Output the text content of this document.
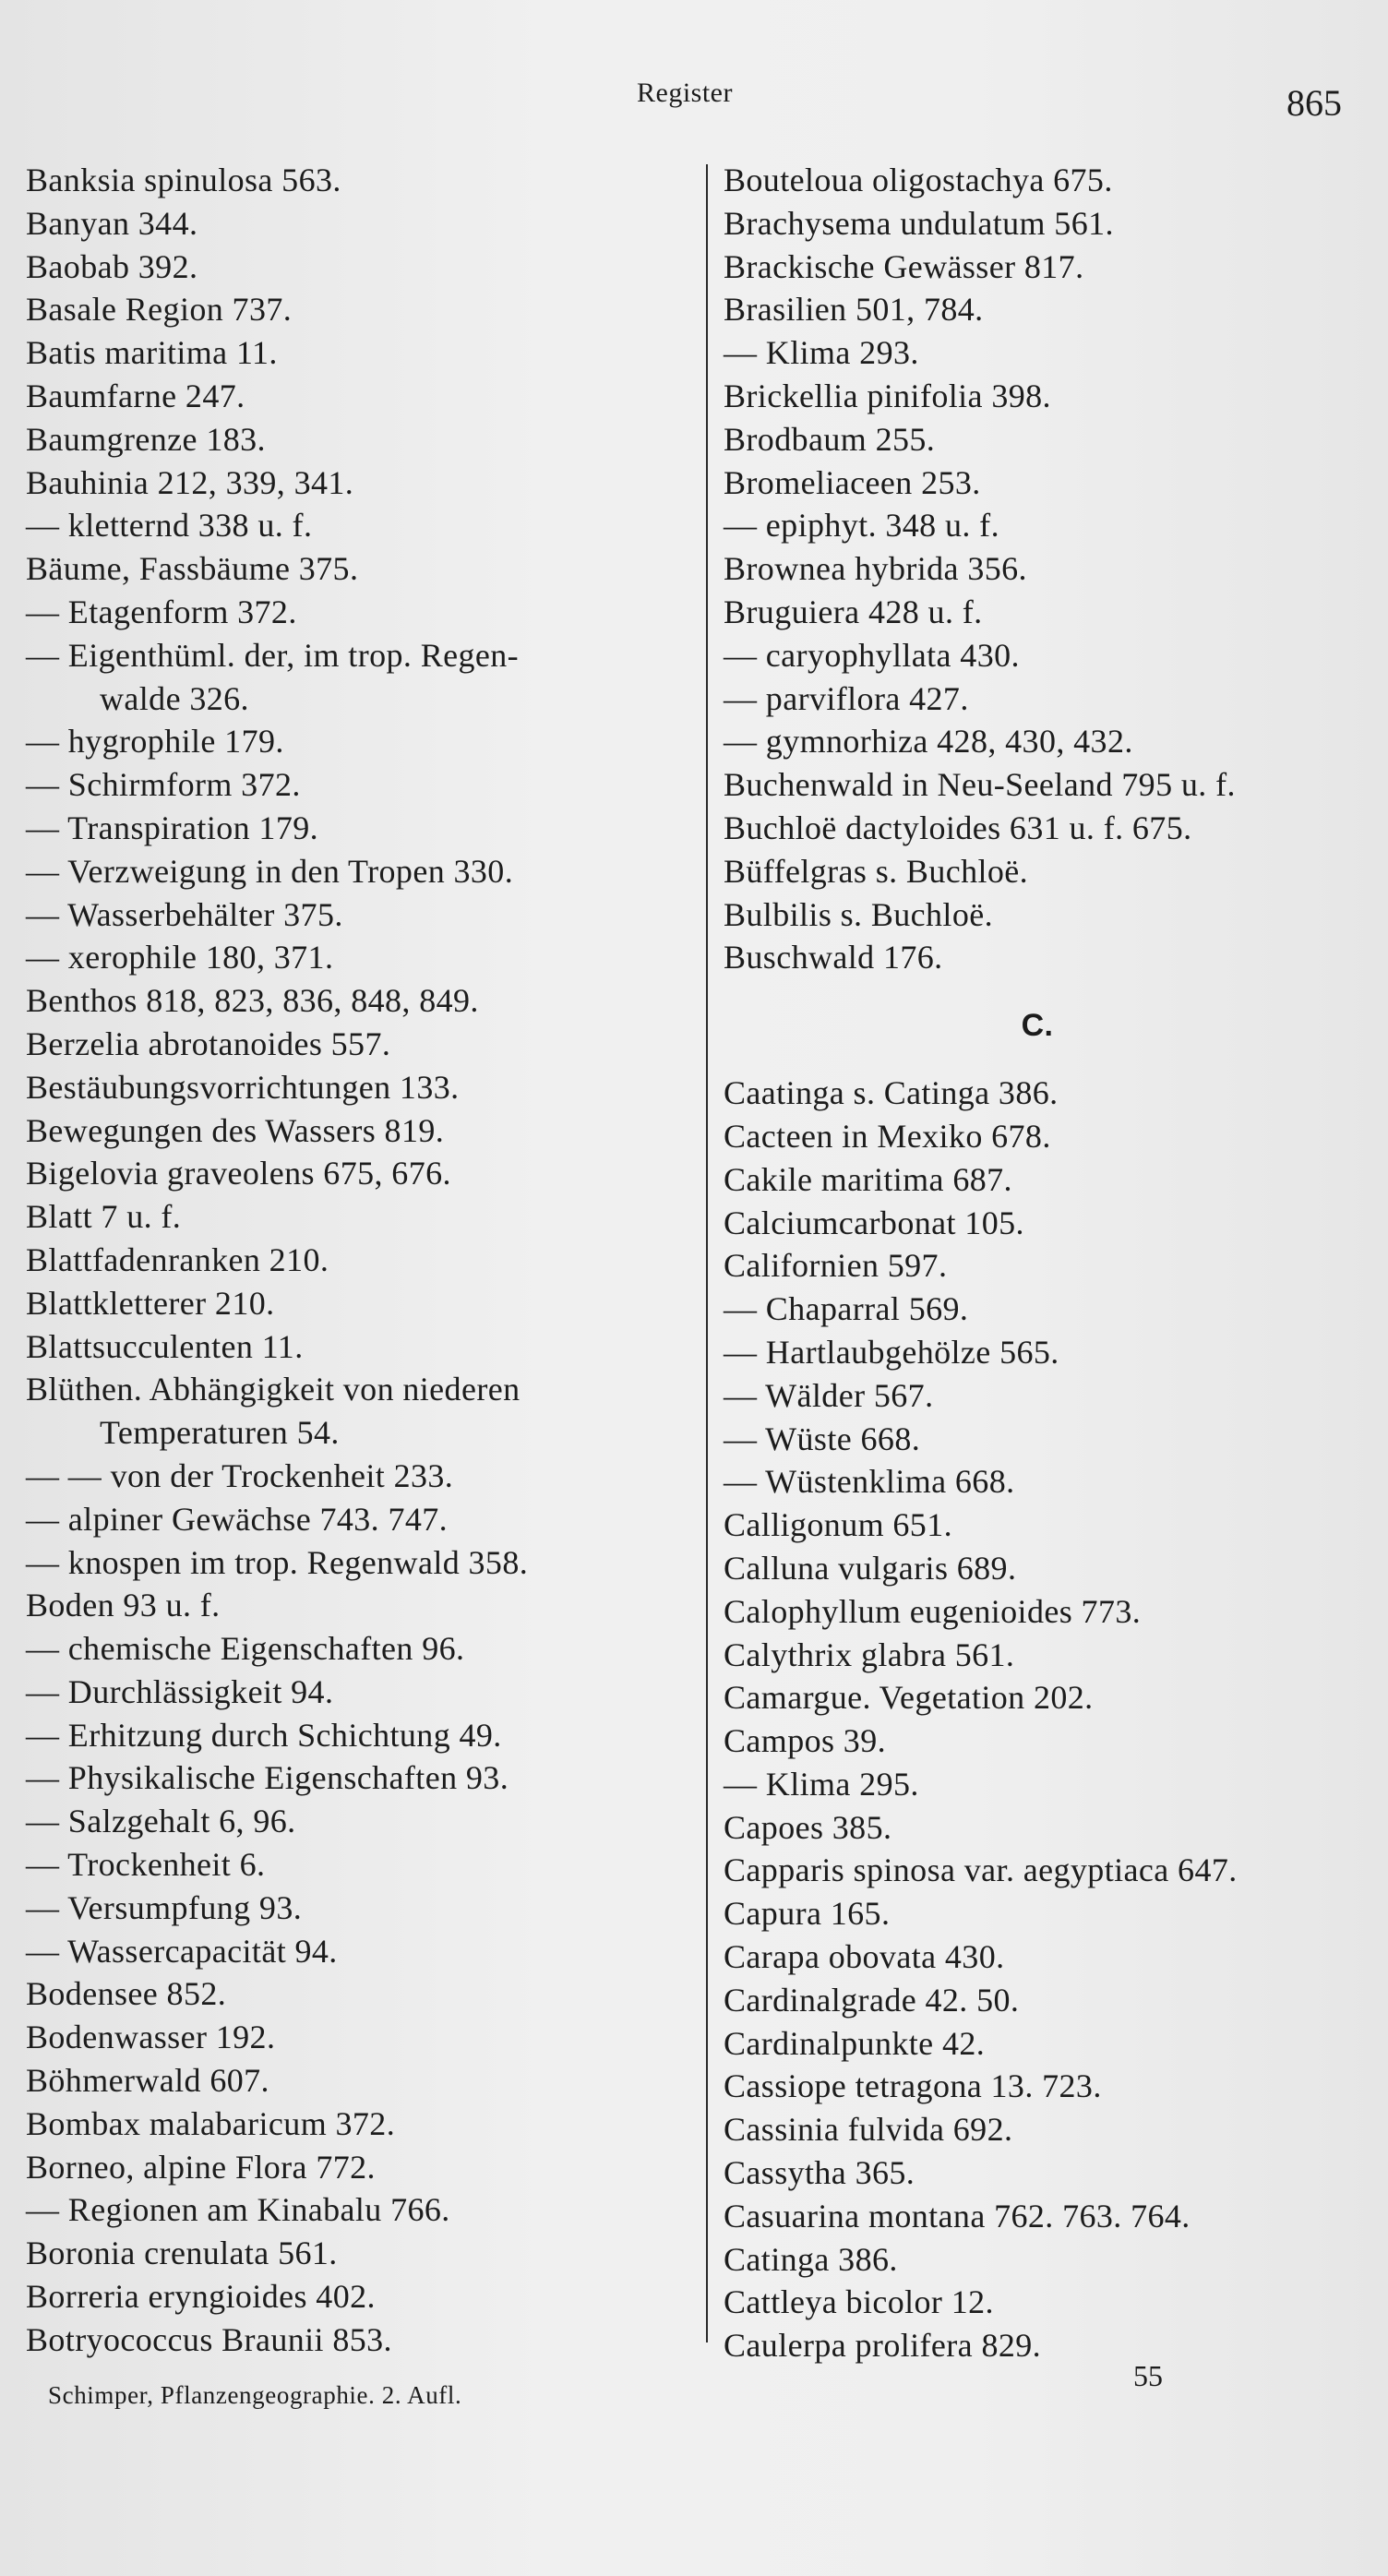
Register	865
Banksia spinulosa 563.
Banyan 344.
Baobab 392.
Basale Region 737.
Batis maritima 11.
Baumfarne 247.
Baumgrenze 183.
Bauhinia 212, 339, 341.
— kletternd 338 u. f.
Bäume, Fassbäume 375.
— Etagenform 372.
— Eigenthüml. der, im trop. Regen-
walde 326.
— hygrophile 179.
— Schirmform 372.
— Transpiration 179.
— Verzweigung in den Tropen 330.
— Wasserbehälter 375.
— xerophile 180, 371.
Benthos 818, 823, 836, 848, 849.
Berzelia abrotanoides 557.
Bestäubungsvorrichtungen 133.
Bewegungen des Wassers 819.
Bigelovia graveolens 675, 676.
Blatt 7 u. f.
Blattfadenranken 210.
Blattkletterer 210.
Blattsucculenten 11.
Blüthen. Abhängigkeit von niederen
Temperaturen 54.
— — von der Trockenheit 233.
— alpiner Gewächse 743. 747.
— knospen im trop. Regenwald 358.
Boden 93 u. f.
— chemische Eigenschaften 96.
— Durchlässigkeit 94.
— Erhitzung durch Schichtung 49.
— Physikalische Eigenschaften 93.
— Salzgehalt 6, 96.
— Trockenheit 6.
— Versumpfung 93.
— Wassercapacität 94.
Bodensee 852.
Bodenwasser 192.
Böhmerwald 607.
Bombax malabaricum 372.
Borneo, alpine Flora 772.
— Regionen am Kinabalu 766.
Boronia crenulata 561.
Borreria eryngioides 402.
Botryococcus Braunii 853.
Bouteloua oligostachya 675.
Brachysema undulatum 561.
Brackische Gewässer 817.
Brasilien 501, 784.
— Klima 293.
Brickellia pinifolia 398.
Brodbaum 255.
Bromeliaceen 253.
— epiphyt. 348 u. f.
Brownea hybrida 356.
Bruguiera 428 u. f.
— caryophyllata 430.
— parviflora 427.
— gymnorhiza 428, 430, 432.
Buchenwald in Neu-Seeland 795 u. f.
Buchloë dactyloides 631 u. f. 675.
Büffelgras s. Buchloë.
Bulbilis s. Buchloë.
Buschwald 176.
C.
Caatinga s. Catinga 386.
Cacteen in Mexiko 678.
Cakile maritima 687.
Calciumcarbonat 105.
Californien 597.
— Chaparral 569.
— Hartlaubgehölze 565.
— Wälder 567.
— Wüste 668.
— Wüstenklima 668.
Calligonum 651.
Calluna vulgaris 689.
Calophyllum eugenioides 773.
Calythrix glabra 561.
Camargue. Vegetation 202.
Campos 39.
— Klima 295.
Capoes 385.
Capparis spinosa var. aegyptiaca 647.
Capura 165.
Carapa obovata 430.
Cardinalgrade 42. 50.
Cardinalpunkte 42.
Cassiope tetragona 13. 723.
Cassinia fulvida 692.
Cassytha 365.
Casuarina montana 762. 763. 764.
Catinga 386.
Cattleya bicolor 12.
Caulerpa prolifera 829.
Schimper, Pflanzengeographie. 2. Aufl.
55
